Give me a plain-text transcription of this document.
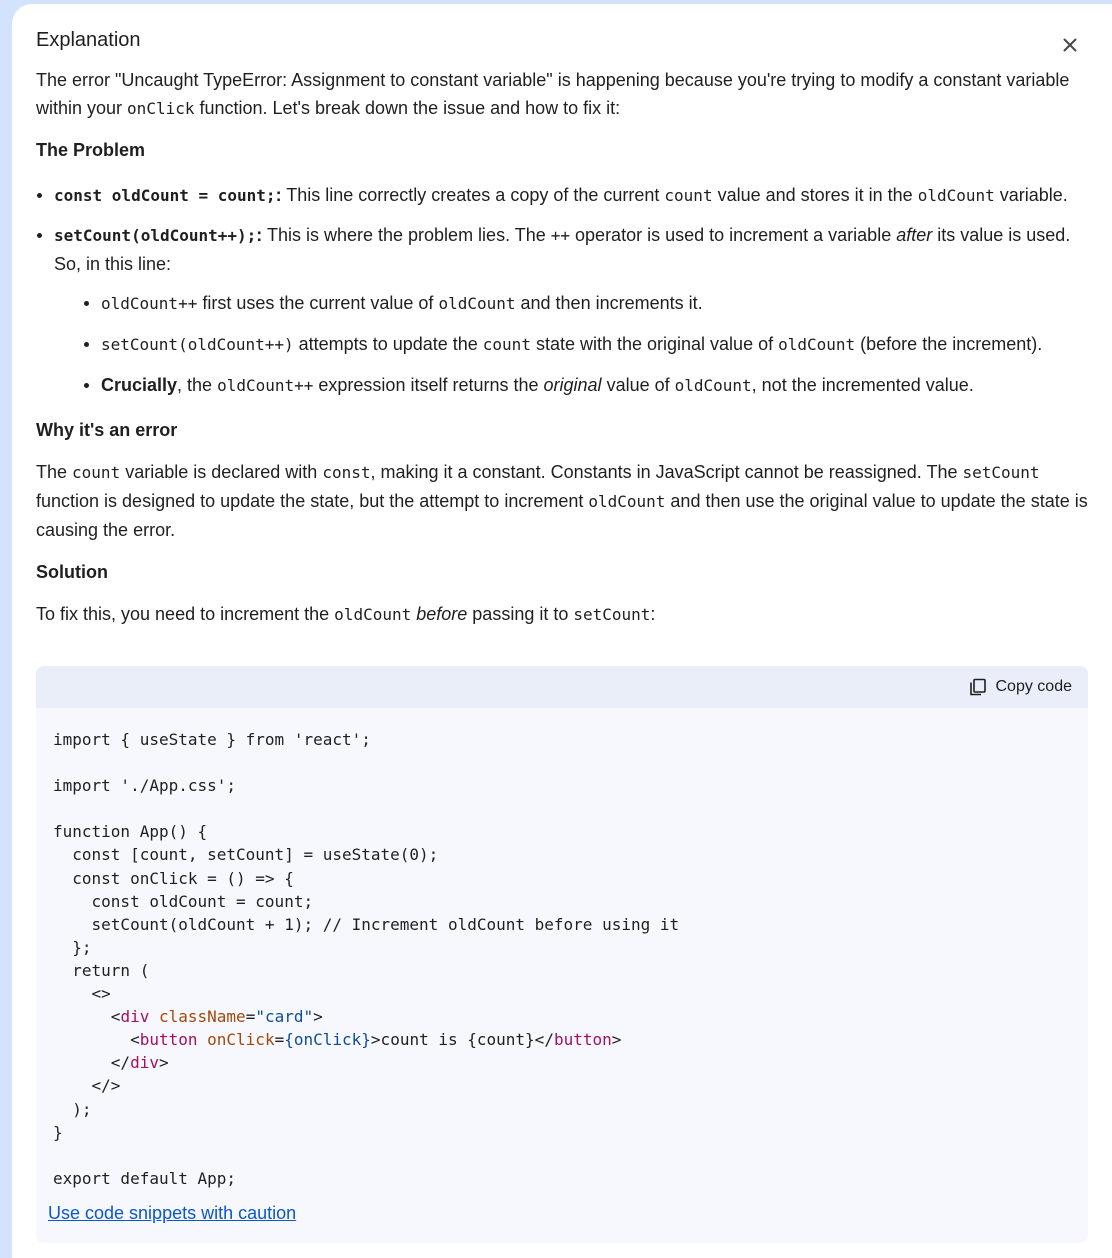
Explanation

The error "Uncaught TypeError: Assignment to constant variable" is happening because you're trying to modify a constant variable within your onClick function. Let's break down the issue and how to fix it:

The Problem
const oldCount = count;: This line correctly creates a copy of the current count value and stores it in the oldCount variable.
setCount(oldCount++);: This is where the problem lies. The ++ operator is used to increment a variable after its value is used. So, in this line:
oldCount++ first uses the current value of oldCount and then increments it.
setCount(oldCount++) attempts to update the count state with the original value of oldCount (before the increment).
Crucially, the oldCount++ expression itself returns the original value of oldCount, not the incremented value.
Why it's an error

The count variable is declared with const, making it a constant. Constants in JavaScript cannot be reassigned. The setCount function is designed to update the state, but the attempt to increment oldCount and then use the original value to update the state is causing the error.

Solution

To fix this, you need to increment the oldCount before passing it to setCount:

Copy code
import { useState } from 'react';
import './App.css';
function App() {
const [count, setCount] = useState(0);
const onClick = () => {
const oldCount = count;
setCount(oldCount + 1); // Increment oldCount before using it
};
return (
<>
<div className="card">
<button onClick={onClick}>count is {count}</button>
</div>
</>
);
}
export default App;
Use code snippets with caution
